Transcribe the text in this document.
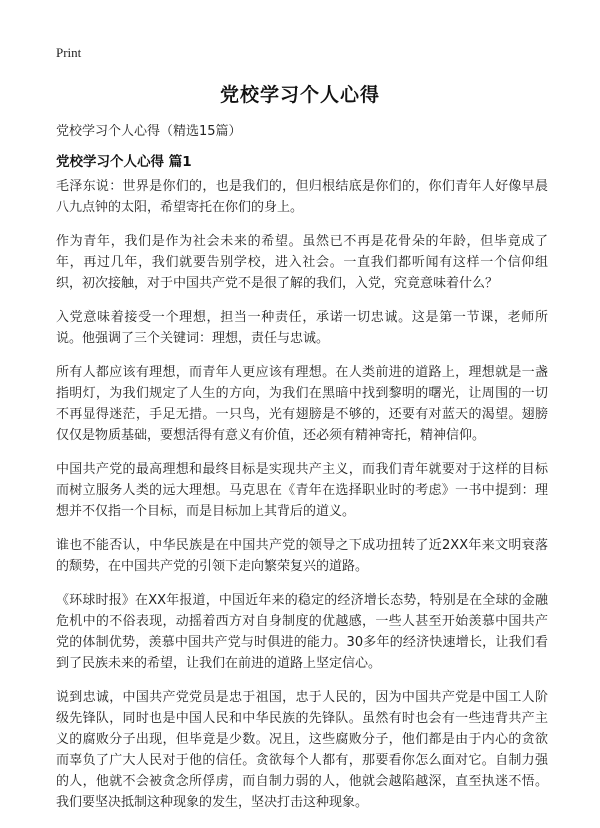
Print
党校学习个人心得
党校学习个人心得（精选15篇）
党校学习个人心得 篇1

毛泽东说：世界是你们的，也是我们的，但归根结底是你们的，你们青年人好像早晨八九点钟的太阳，希望寄托在你们的身上。

作为青年，我们是作为社会未来的希望。虽然已不再是花骨朵的年龄，但毕竟成了年，再过几年，我们就要告别学校，进入社会。一直我们都听闻有这样一个信仰组织，初次接触，对于中国共产党不是很了解的我们，入党，究竟意味着什么？

入党意味着接受一个理想，担当一种责任，承诺一切忠诚。这是第一节课，老师所说。他强调了三个关键词：理想，责任与忠诚。

所有人都应该有理想，而青年人更应该有理想。在人类前进的道路上，理想就是一盏指明灯，为我们规定了人生的方向，为我们在黑暗中找到黎明的曙光，让周围的一切不再显得迷茫，手足无措。一只鸟，光有翅膀是不够的，还要有对蓝天的渴望。翅膀仅仅是物质基础，要想活得有意义有价值，还必须有精神寄托，精神信仰。

中国共产党的最高理想和最终目标是实现共产主义，而我们青年就要对于这样的目标而树立服务人类的远大理想。马克思在《青年在选择职业时的考虑》一书中提到：理想并不仅指一个目标，而是目标加上其背后的道义。

谁也不能否认，中华民族是在中国共产党的领导之下成功扭转了近2XX年来文明衰落的颓势，在中国共产党的引领下走向繁荣复兴的道路。

《环球时报》在XX年报道，中国近年来的稳定的经济增长态势，特别是在全球的金融危机中的不俗表现，动摇着西方对自身制度的优越感，一些人甚至开始羡慕中国共产党的体制优势，羡慕中国共产党与时俱进的能力。30多年的经济快速增长，让我们看到了民族未来的希望，让我们在前进的道路上坚定信心。

说到忠诚，中国共产党党员是忠于祖国，忠于人民的，因为中国共产党是中国工人阶级先锋队，同时也是中国人民和中华民族的先锋队。虽然有时也会有一些违背共产主义的腐败分子出现，但毕竟是少数。况且，这些腐败分子，他们都是由于内心的贪欲而辜负了广大人民对于他的信任。贪欲每个人都有，那要看你怎么面对它。自制力强的人，他就不会被贪念所俘虏，而自制力弱的人，他就会越陷越深，直至执迷不悟。我们要坚决抵制这种现象的发生，坚决打击这种现象。
